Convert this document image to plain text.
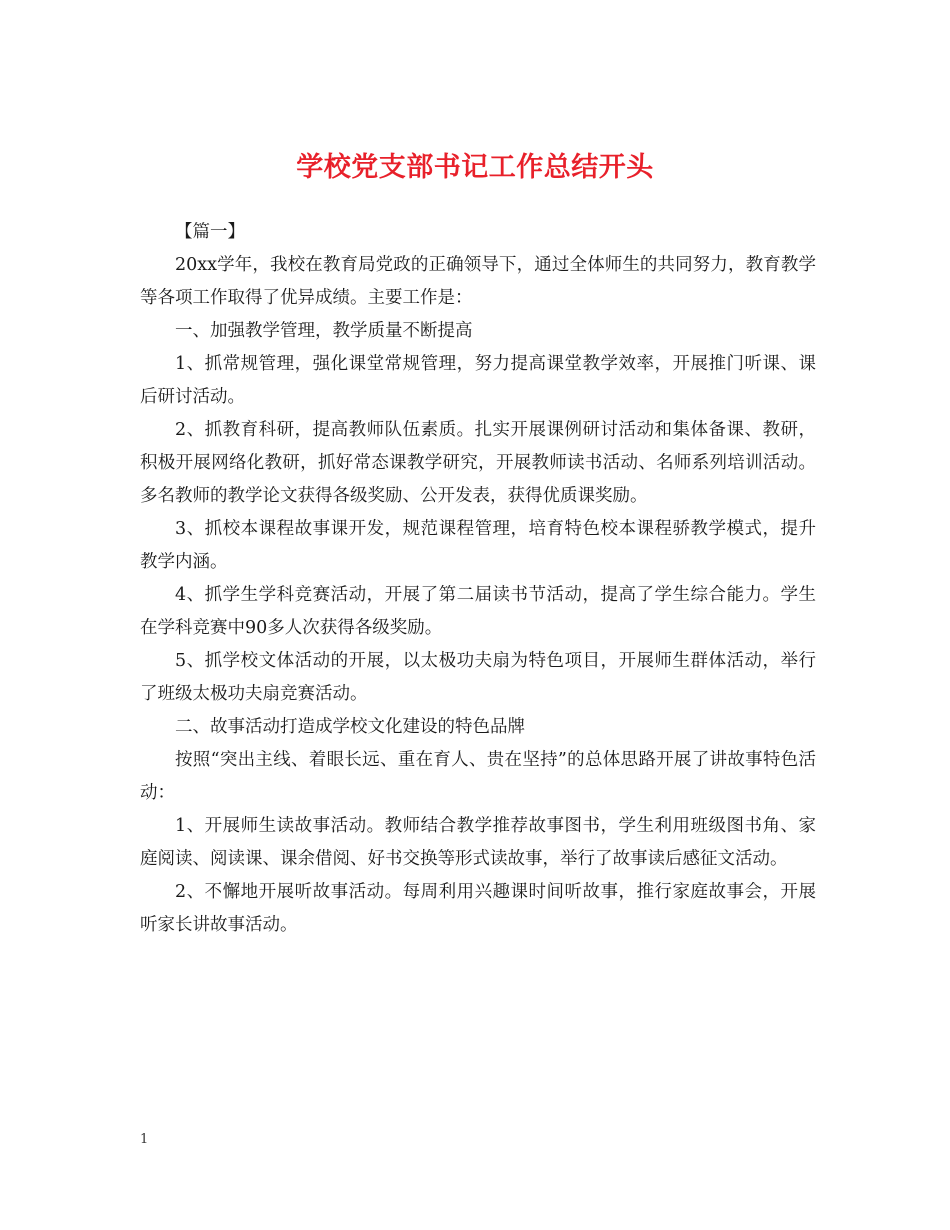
学校党支部书记工作总结开头

【篇一】

20xx学年，我校在教育局党政的正确领导下，通过全体师生的共同努力，教育教学等各项工作取得了优异成绩。主要工作是：

一、加强教学管理，教学质量不断提高

1、抓常规管理，强化课堂常规管理，努力提高课堂教学效率，开展推门听课、课后研讨活动。

2、抓教育科研，提高教师队伍素质。扎实开展课例研讨活动和集体备课、教研，积极开展网络化教研，抓好常态课教学研究，开展教师读书活动、名师系列培训活动。多名教师的教学论文获得各级奖励、公开发表，获得优质课奖励。

3、抓校本课程故事课开发，规范课程管理，培育特色校本课程骄教学模式，提升教学内涵。

4、抓学生学科竞赛活动，开展了第二届读书节活动，提高了学生综合能力。学生在学科竞赛中90多人次获得各级奖励。

5、抓学校文体活动的开展，以太极功夫扇为特色项目，开展师生群体活动，举行了班级太极功夫扇竞赛活动。

二、故事活动打造成学校文化建设的特色品牌

按照“突出主线、着眼长远、重在育人、贵在坚持”的总体思路开展了讲故事特色活动：

1、开展师生读故事活动。教师结合教学推荐故事图书，学生利用班级图书角、家庭阅读、阅读课、课余借阅、好书交换等形式读故事，举行了故事读后感征文活动。

2、不懈地开展听故事活动。每周利用兴趣课时间听故事，推行家庭故事会，开展听家长讲故事活动。

1
